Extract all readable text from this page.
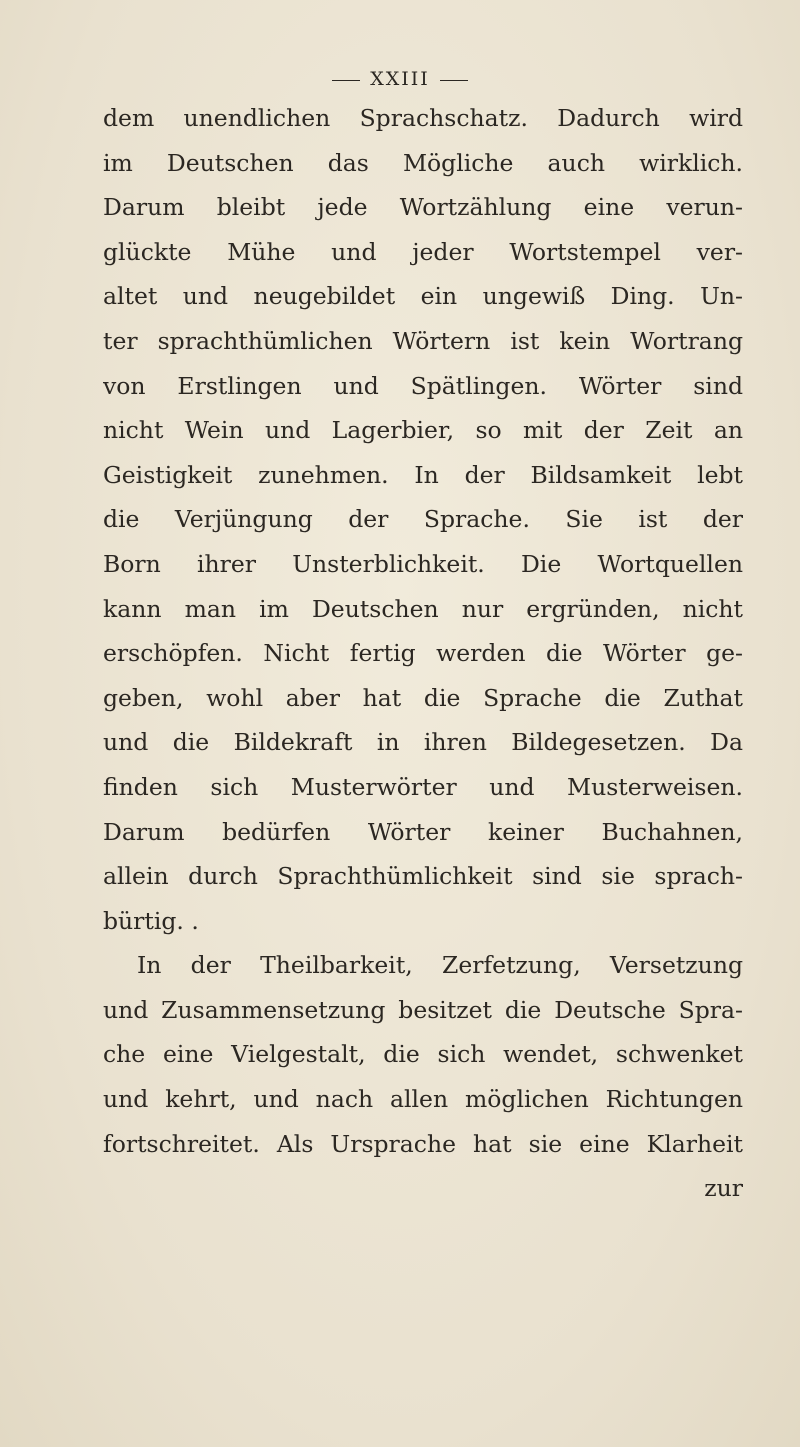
XXIII
dem unendlichen Sprachschatz. Dadurch wird
im Deutschen das Mögliche auch wirklich.
Darum bleibt jede Wortzählung eine verun-
glückte Mühe und jeder Wortstempel ver-
altet und neugebildet ein ungewiß Ding. Un-
ter sprachthümlichen Wörtern ist kein Wortrang
von Erstlingen und Spätlingen. Wörter sind
nicht Wein und Lagerbier, so mit der Zeit an
Geistigkeit zunehmen. In der Bildsamkeit lebt
die Verjüngung der Sprache. Sie ist der
Born ihrer Unsterblichkeit. Die Wortquellen
kann man im Deutschen nur ergründen, nicht
erschöpfen. Nicht fertig werden die Wörter ge-
geben, wohl aber hat die Sprache die Zuthat
und die Bildekraft in ihren Bildegesetzen. Da
finden sich Musterwörter und Musterweisen.
Darum bedürfen Wörter keiner Buchahnen,
allein durch Sprachthümlichkeit sind sie sprach-
bürtig. .
In der Theilbarkeit, Zerfetzung, Versetzung
und Zusammensetzung besitzet die Deutsche Spra-
che eine Vielgestalt, die sich wendet, schwenket
und kehrt, und nach allen möglichen Richtungen
fortschreitet. Als Ursprache hat sie eine Klarheit
zur
